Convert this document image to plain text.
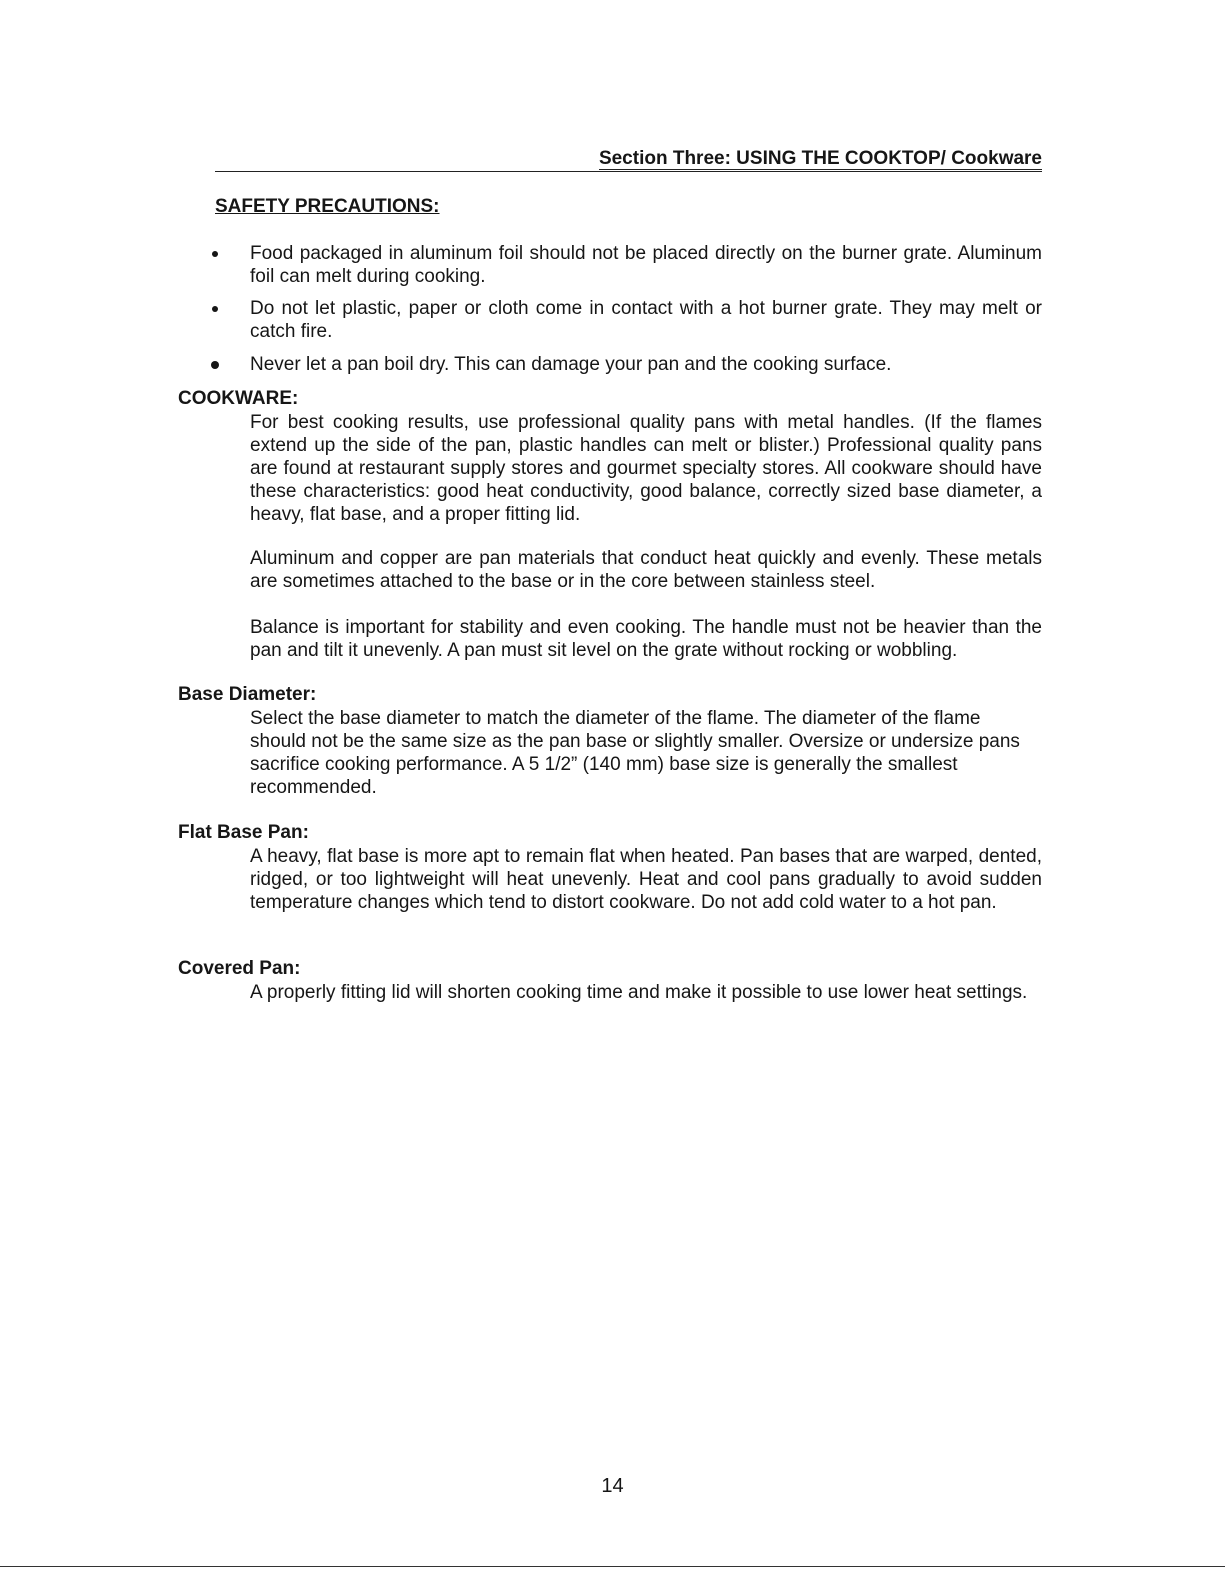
Section Three: USING THE COOKTOP/ Cookware
SAFETY PRECAUTIONS:
Food packaged in aluminum foil should not be placed directly on the burner grate. Aluminum foil can melt during cooking.
Do not let plastic, paper or cloth come in contact with a hot burner grate. They may melt or catch fire.
Never let a pan boil dry. This can damage your pan and the cooking surface.
COOKWARE:

For best cooking results, use professional quality pans with metal handles. (If the flames extend up the side of the pan, plastic handles can melt or blister.) Professional quality pans are found at restaurant supply stores and gourmet specialty stores. All cookware should have these characteristics: good heat conductivity, good balance, correctly sized base diameter, a heavy, flat base, and a proper fitting lid.

Aluminum and copper are pan materials that conduct heat quickly and evenly. These metals are sometimes attached to the base or in the core between stainless steel.

Balance is important for stability and even cooking. The handle must not be heavier than the pan and tilt it unevenly. A pan must sit level on the grate without rocking or wobbling.

Base Diameter:

Select the base diameter to match the diameter of the flame. The diameter of the flame should not be the same size as the pan base or slightly smaller. Oversize or undersize pans sacrifice cooking performance. A 5 1/2” (140 mm) base size is generally the smallest recommended.

Flat Base Pan:

A heavy, flat base is more apt to remain flat when heated. Pan bases that are warped, dented, ridged, or too lightweight will heat unevenly. Heat and cool pans gradually to avoid sudden temperature changes which tend to distort cookware. Do not add cold water to a hot pan.

Covered Pan:

A properly fitting lid will shorten cooking time and make it possible to use lower heat settings.

14
